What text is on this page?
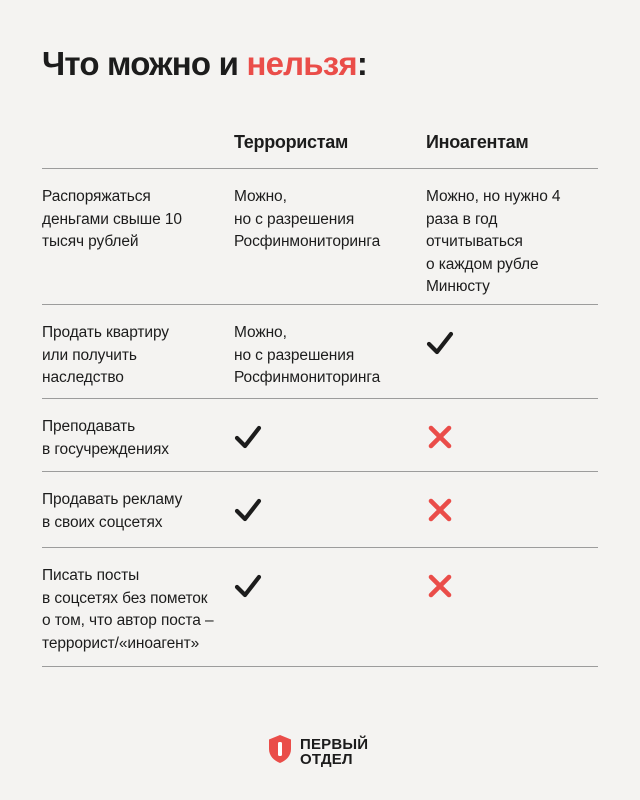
Что можно и нельзя:
Террористам	Иноагентам
Распоряжаться
деньгами свыше 10
тысяч рублей
Можно,
но с разрешения
Росфинмониторинга
Можно, но нужно 4
раза в год
отчитываться
о каждом рубле
Минюсту
Продать квартиру
или получить
наследство
Можно,
но с разрешения
Росфинмониторинга
Преподавать
в госучреждениях
Продавать рекламу
в своих соцсетях
Писать посты
в соцсетях без пометок
о том, что автор поста –
террорист/«иноагент»
ПЕРВЫЙ
ОТДЕЛ
